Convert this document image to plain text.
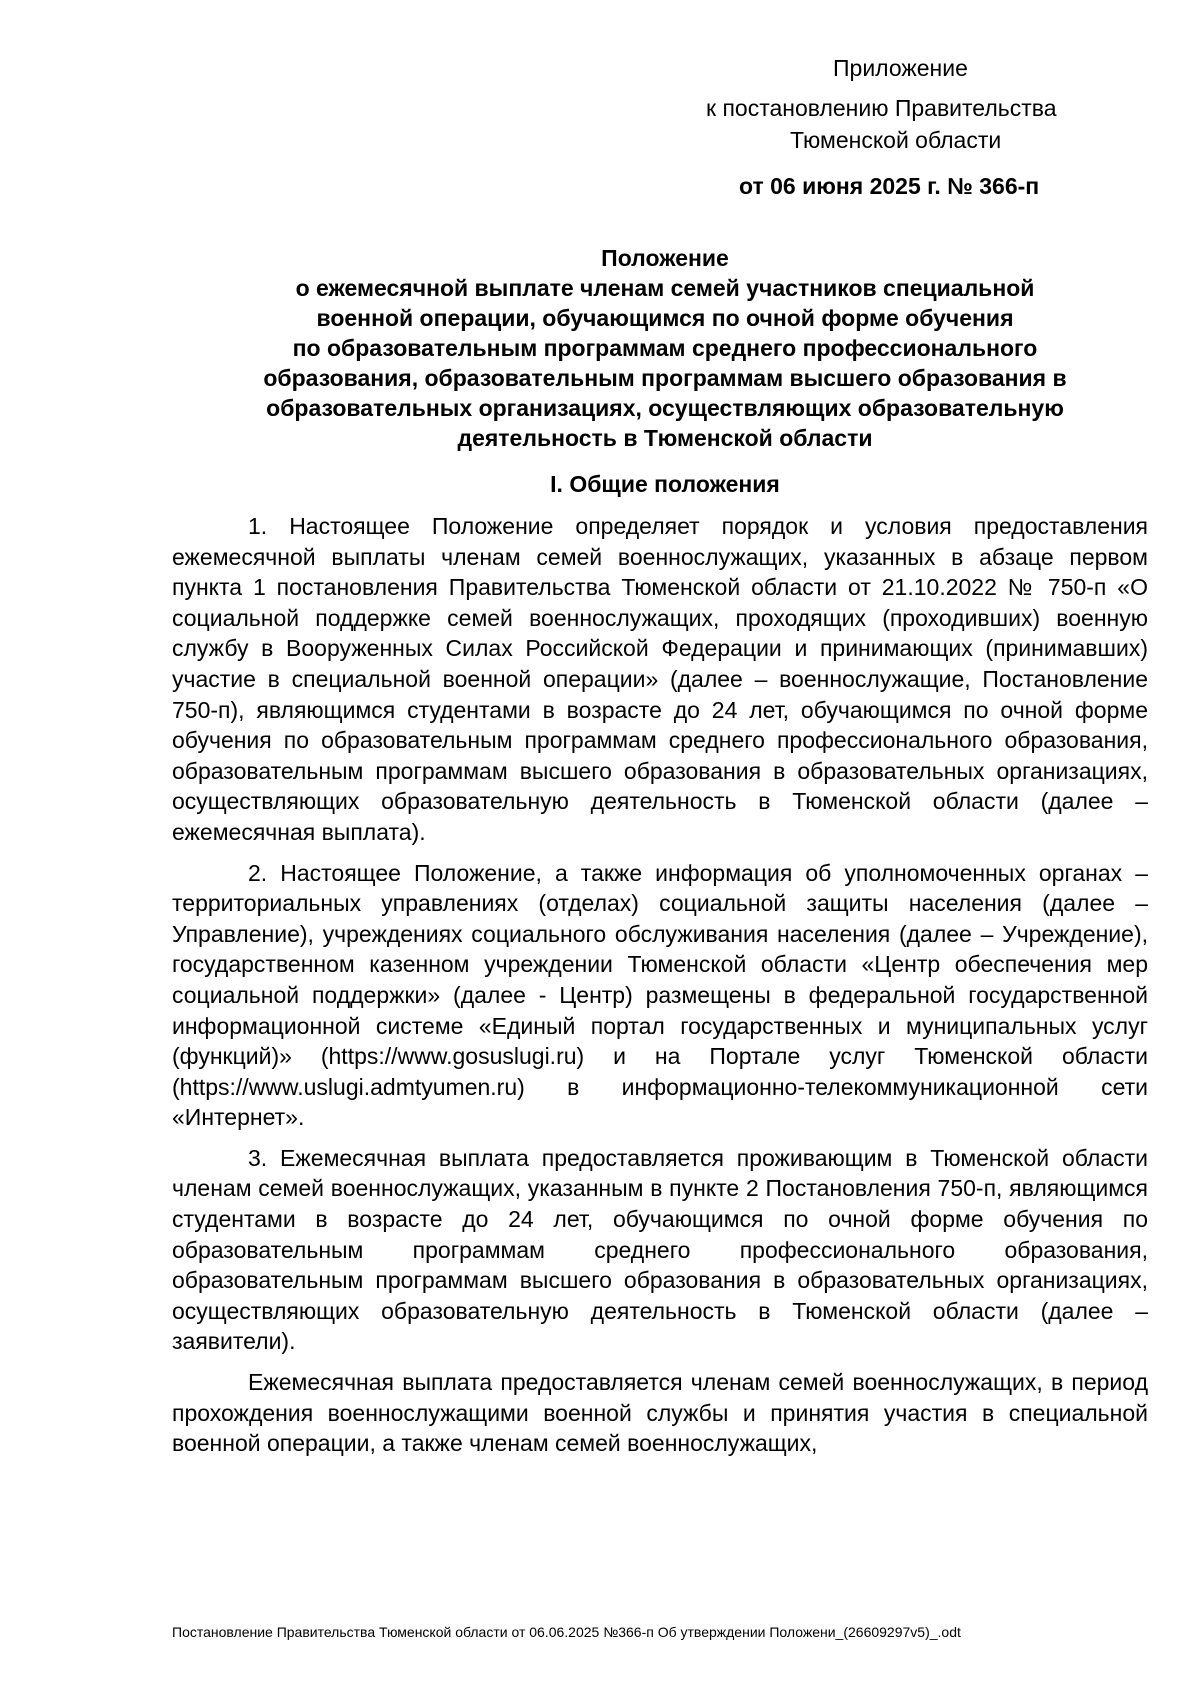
Приложение
к постановлению Правительства
Тюменской области
от 06 июня 2025 г. № 366-п
Положение
о ежемесячной выплате членам семей участников специальной
военной операции, обучающимся по очной форме обучения
по образовательным программам среднего профессионального
образования, образовательным программам высшего образования в
образовательных организациях, осуществляющих образовательную
деятельность в Тюменской области
I. Общие положения

1. Настоящее Положение определяет порядок и условия предоставления ежемесячной выплаты членам семей военнослужащих, указанных в абзаце первом пункта 1 постановления Правительства Тюменской области от 21.10.2022 № 750-п «О социальной поддержке семей военнослужащих, проходящих (проходивших) военную службу в Вооруженных Силах Российской Федерации и принимающих (принимавших) участие в специальной военной операции» (далее – военнослужащие, Постановление 750-п), являющимся студентами в возрасте до 24 лет, обучающимся по очной форме обучения по образовательным программам среднего профессионального образования, образовательным программам высшего образования в образовательных организациях, осуществляющих образовательную деятельность в Тюменской области (далее – ежемесячная выплата).

2. Настоящее Положение, а также информация об уполномоченных органах – территориальных управлениях (отделах) социальной защиты населения (далее – Управление), учреждениях социального обслуживания населения (далее – Учреждение), государственном казенном учреждении Тюменской области «Центр обеспечения мер социальной поддержки» (далее - Центр) размещены в федеральной государственной информационной системе «Единый портал государственных и муниципальных услуг (функций)» (https://www.gosuslugi.ru) и на Портале услуг Тюменской области (https://www.uslugi.admtyumen.ru) в информационно-телекоммуникационной сети «Интернет».

3. Ежемесячная выплата предоставляется проживающим в Тюменской области членам семей военнослужащих, указанным в пункте 2 Постановления 750-п, являющимся студентами в возрасте до 24 лет, обучающимся по очной форме обучения по образовательным программам среднего профессионального образования, образовательным программам высшего образования в образовательных организациях, осуществляющих образовательную деятельность в Тюменской области (далее – заявители).

Ежемесячная выплата предоставляется членам семей военнослужащих, в период прохождения военнослужащими военной службы и принятия участия в специальной военной операции, а также членам семей военнослужащих,

Постановление Правительства Тюменской области от 06.06.2025 №366-п Об утверждении Положени_(26609297v5)_.odt
